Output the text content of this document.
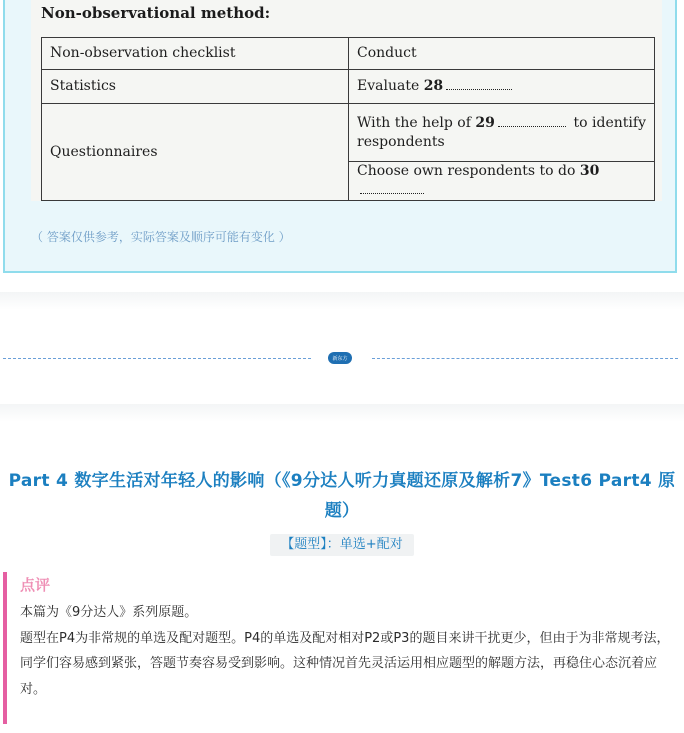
Non-observational method:
Non-observation checklist	Conduct
Statistics	Evaluate 28
Questionnaires	With the help of 29 to identify
respondents

	Choose own respondents to do 30
（ 答案仅供参考，实际答案及顺序可能有变化 ）
新东方
Part 4 数字生活对年轻人的影响（《9分达人听力真题还原及解析7》Test6 Part4 原题）
【题型】：单选+配对
点评

本篇为《9分达人》系列原题。

题型在P4为非常规的单选及配对题型。P4的单选及配对相对P2或P3的题目来讲干扰更少，但由于为非常规考法，同学们容易感到紧张，答题节奏容易受到影响。这种情况首先灵活运用相应题型的解题方法，再稳住心态沉着应对。
